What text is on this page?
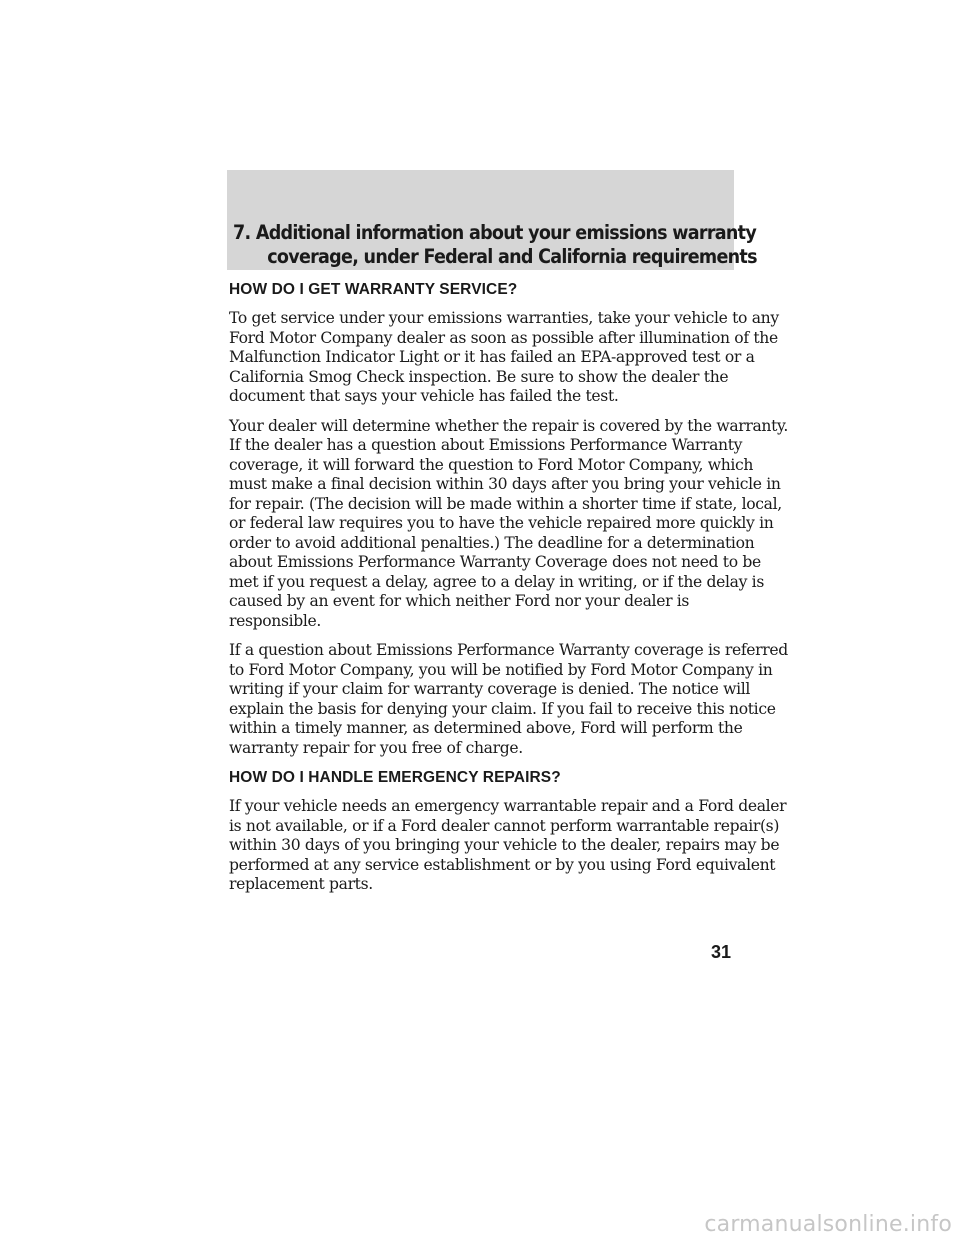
7. Additional information about your emissions warranty
coverage, under Federal and California requirements
HOW DO I GET WARRANTY SERVICE?

To get service under your emissions warranties, take your vehicle to any
Ford Motor Company dealer as soon as possible after illumination of the
Malfunction Indicator Light or it has failed an EPA-approved test or a
California Smog Check inspection. Be sure to show the dealer the
document that says your vehicle has failed the test.

Your dealer will determine whether the repair is covered by the warranty.
If the dealer has a question about Emissions Performance Warranty
coverage, it will forward the question to Ford Motor Company, which
must make a final decision within 30 days after you bring your vehicle in
for repair. (The decision will be made within a shorter time if state, local,
or federal law requires you to have the vehicle repaired more quickly in
order to avoid additional penalties.) The deadline for a determination
about Emissions Performance Warranty Coverage does not need to be
met if you request a delay, agree to a delay in writing, or if the delay is
caused by an event for which neither Ford nor your dealer is
responsible.

If a question about Emissions Performance Warranty coverage is referred
to Ford Motor Company, you will be notified by Ford Motor Company in
writing if your claim for warranty coverage is denied. The notice will
explain the basis for denying your claim. If you fail to receive this notice
within a timely manner, as determined above, Ford will perform the
warranty repair for you free of charge.

HOW DO I HANDLE EMERGENCY REPAIRS?

If your vehicle needs an emergency warrantable repair and a Ford dealer
is not available, or if a Ford dealer cannot perform warrantable repair(s)
within 30 days of you bringing your vehicle to the dealer, repairs may be
performed at any service establishment or by you using Ford equivalent
replacement parts.

31
carmanualsonline.info
